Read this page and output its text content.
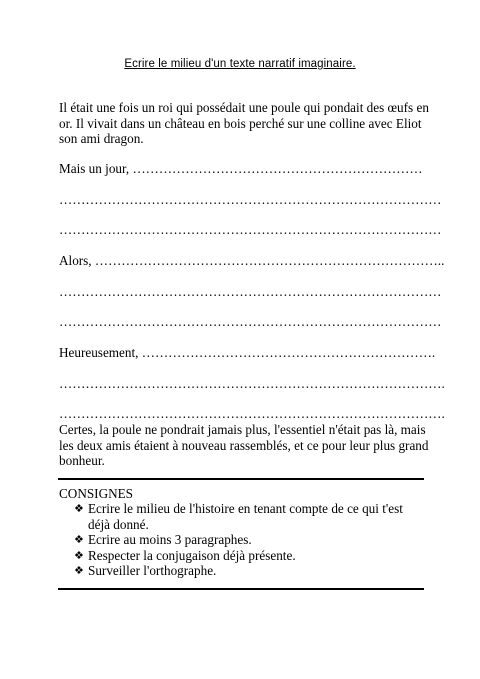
Ecrire le milieu d'un texte narratif imaginaire.
Il était une fois un roi qui possédait une poule qui pondait des œufs en or. Il vivait dans un château en bois perché sur une colline avec Eliot son ami dragon.
Mais un jour, …………………………………………………………
……………………………………………………………………………
……………………………………………………………………………
Alors, ……………………………………………………………………..
……………………………………………………………………………
……………………………………………………………………………
Heureusement, ………………………………………………………….
…………………………………………………………………………….
…………………………………………………………………………….
Certes, la poule ne pondrait jamais plus, l'essentiel n'était pas là, mais les deux amis étaient à nouveau rassemblés, et ce pour leur plus grand bonheur.
CONSIGNES
❖ Ecrire le milieu de l'histoire en tenant compte de ce qui t'est déjà donné.
❖ Ecrire au moins 3 paragraphes.
❖ Respecter la conjugaison déjà présente.
❖ Surveiller l'orthographe.
